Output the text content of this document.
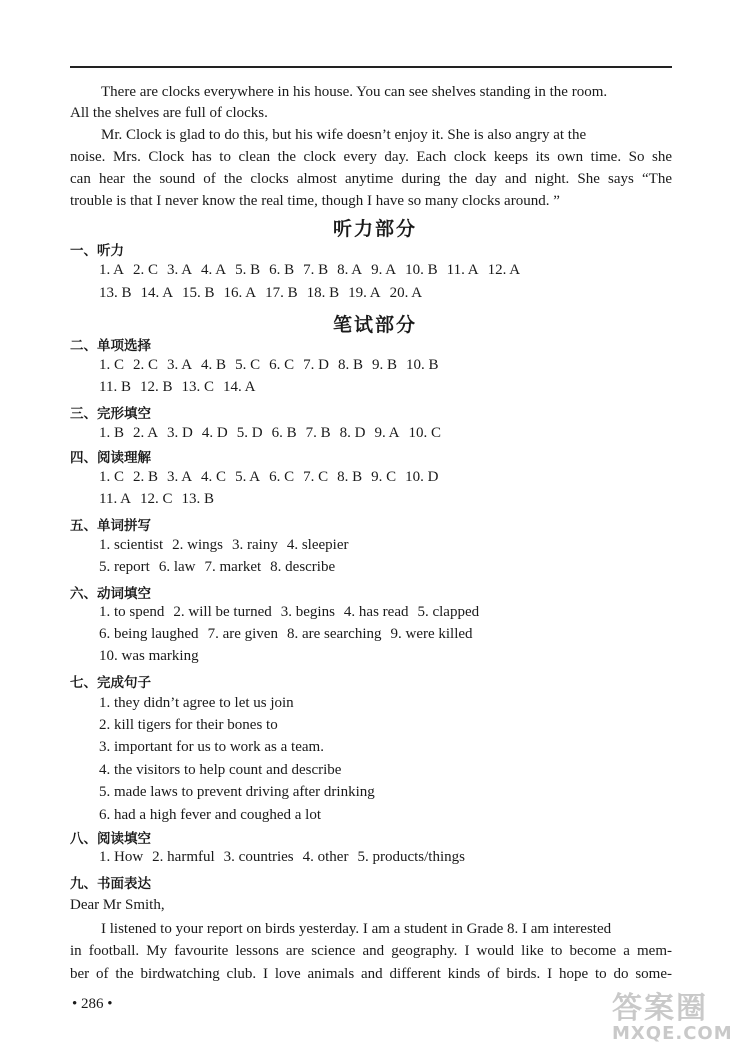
There are clocks everywhere in his house. You can see shelves standing in the room.
All the shelves are full of clocks.
Mr. Clock is glad to do this, but his wife doesn’t enjoy it. She is also angry at the
noise. Mrs. Clock has to clean the clock every day. Each clock keeps its own time. So she
can hear the sound of the clocks almost anytime during the day and night. She says “The
trouble is that I never know the real time, though I have so many clocks around. ”
听力部分
一、听力
1. A 2. C 3. A 4. A 5. B 6. B 7. B 8. A 9. A 10. B 11. A 12. A
13. B 14. A 15. B 16. A 17. B 18. B 19. A 20. A
笔试部分
二、单项选择
1. C 2. C 3. A 4. B 5. C 6. C 7. D 8. B 9. B 10. B
11. B 12. B 13. C 14. A
三、完形填空
1. B 2. A 3. D 4. D 5. D 6. B 7. B 8. D 9. A 10. C
四、阅读理解
1. C 2. B 3. A 4. C 5. A 6. C 7. C 8. B 9. C 10. D
11. A 12. C 13. B
五、单词拼写
1. scientist 2. wings 3. rainy 4. sleepier
5. report 6. law 7. market 8. describe
六、动词填空
1. to spend 2. will be turned 3. begins 4. has read 5. clapped
6. being laughed 7. are given 8. are searching 9. were killed
10. was marking
七、完成句子
1. they didn’t agree to let us join
2. kill tigers for their bones to
3. important for us to work as a team.
4. the visitors to help count and describe
5. made laws to prevent driving after drinking
6. had a high fever and coughed a lot
八、阅读填空
1. How 2. harmful 3. countries 4. other 5. products/things
九、书面表达
Dear Mr Smith,
I listened to your report on birds yesterday. I am a student in Grade 8. I am interested
in football. My favourite lessons are science and geography. I would like to become a mem-
ber of the birdwatching club. I love animals and different kinds of birds. I hope to do some-
• 286 •	答案圈
MXQE.COM
